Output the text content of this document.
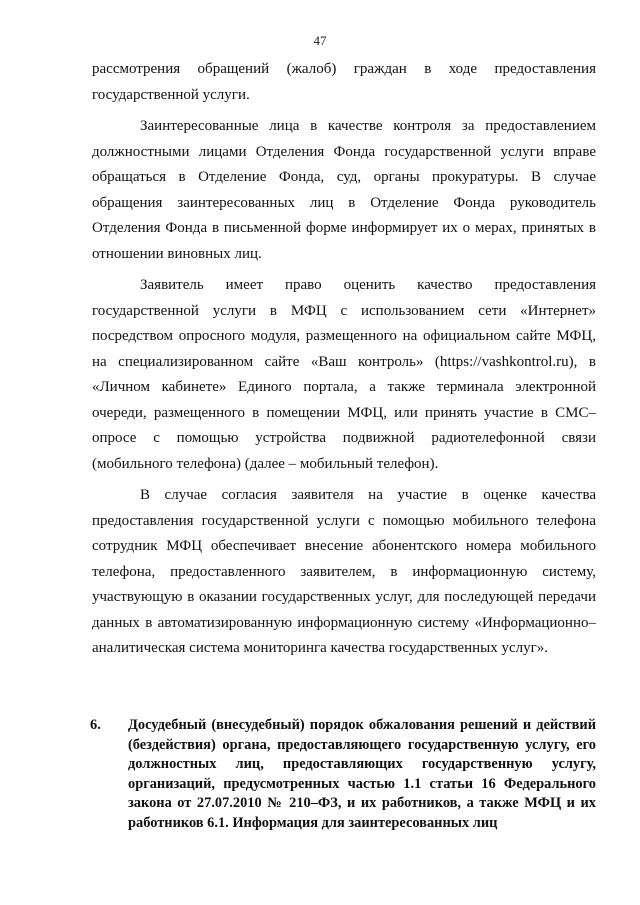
47

рассмотрения обращений (жалоб) граждан в ходе предоставления государственной услуги.

Заинтересованные лица в качестве контроля за предоставлением должностными лицами Отделения Фонда государственной услуги вправе обращаться в Отделение Фонда, суд, органы прокуратуры. В случае обращения заинтересованных лиц в Отделение Фонда руководитель Отделения Фонда в письменной форме информирует их о мерах, принятых в отношении виновных лиц.

Заявитель имеет право оценить качество предоставления государственной услуги в МФЦ с использованием сети «Интернет» посредством опросного модуля, размещенного на официальном сайте МФЦ, на специализированном сайте «Ваш контроль» (https://vashkontrol.ru), в «Личном кабинете» Единого портала, а также терминала электронной очереди, размещенного в помещении МФЦ, или принять участие в СМС–опросе с помощью устройства подвижной радиотелефонной связи (мобильного телефона) (далее – мобильный телефон).

В случае согласия заявителя на участие в оценке качества предоставления государственной услуги с помощью мобильного телефона сотрудник МФЦ обеспечивает внесение абонентского номера мобильного телефона, предоставленного заявителем, в информационную систему, участвующую в оказании государственных услуг, для последующей передачи данных в автоматизированную информационную систему «Информационно–аналитическая система мониторинга качества государственных услуг».

6. Досудебный (внесудебный) порядок обжалования решений и действий (бездействия) органа, предоставляющего государственную услугу, его должностных лиц, предоставляющих государственную услугу, организаций, предусмотренных частью 1.1 статьи 16 Федерального закона от 27.07.2010 № 210–ФЗ, и их работников, а также МФЦ и их работников 6.1. Информация для заинтересованных лиц
